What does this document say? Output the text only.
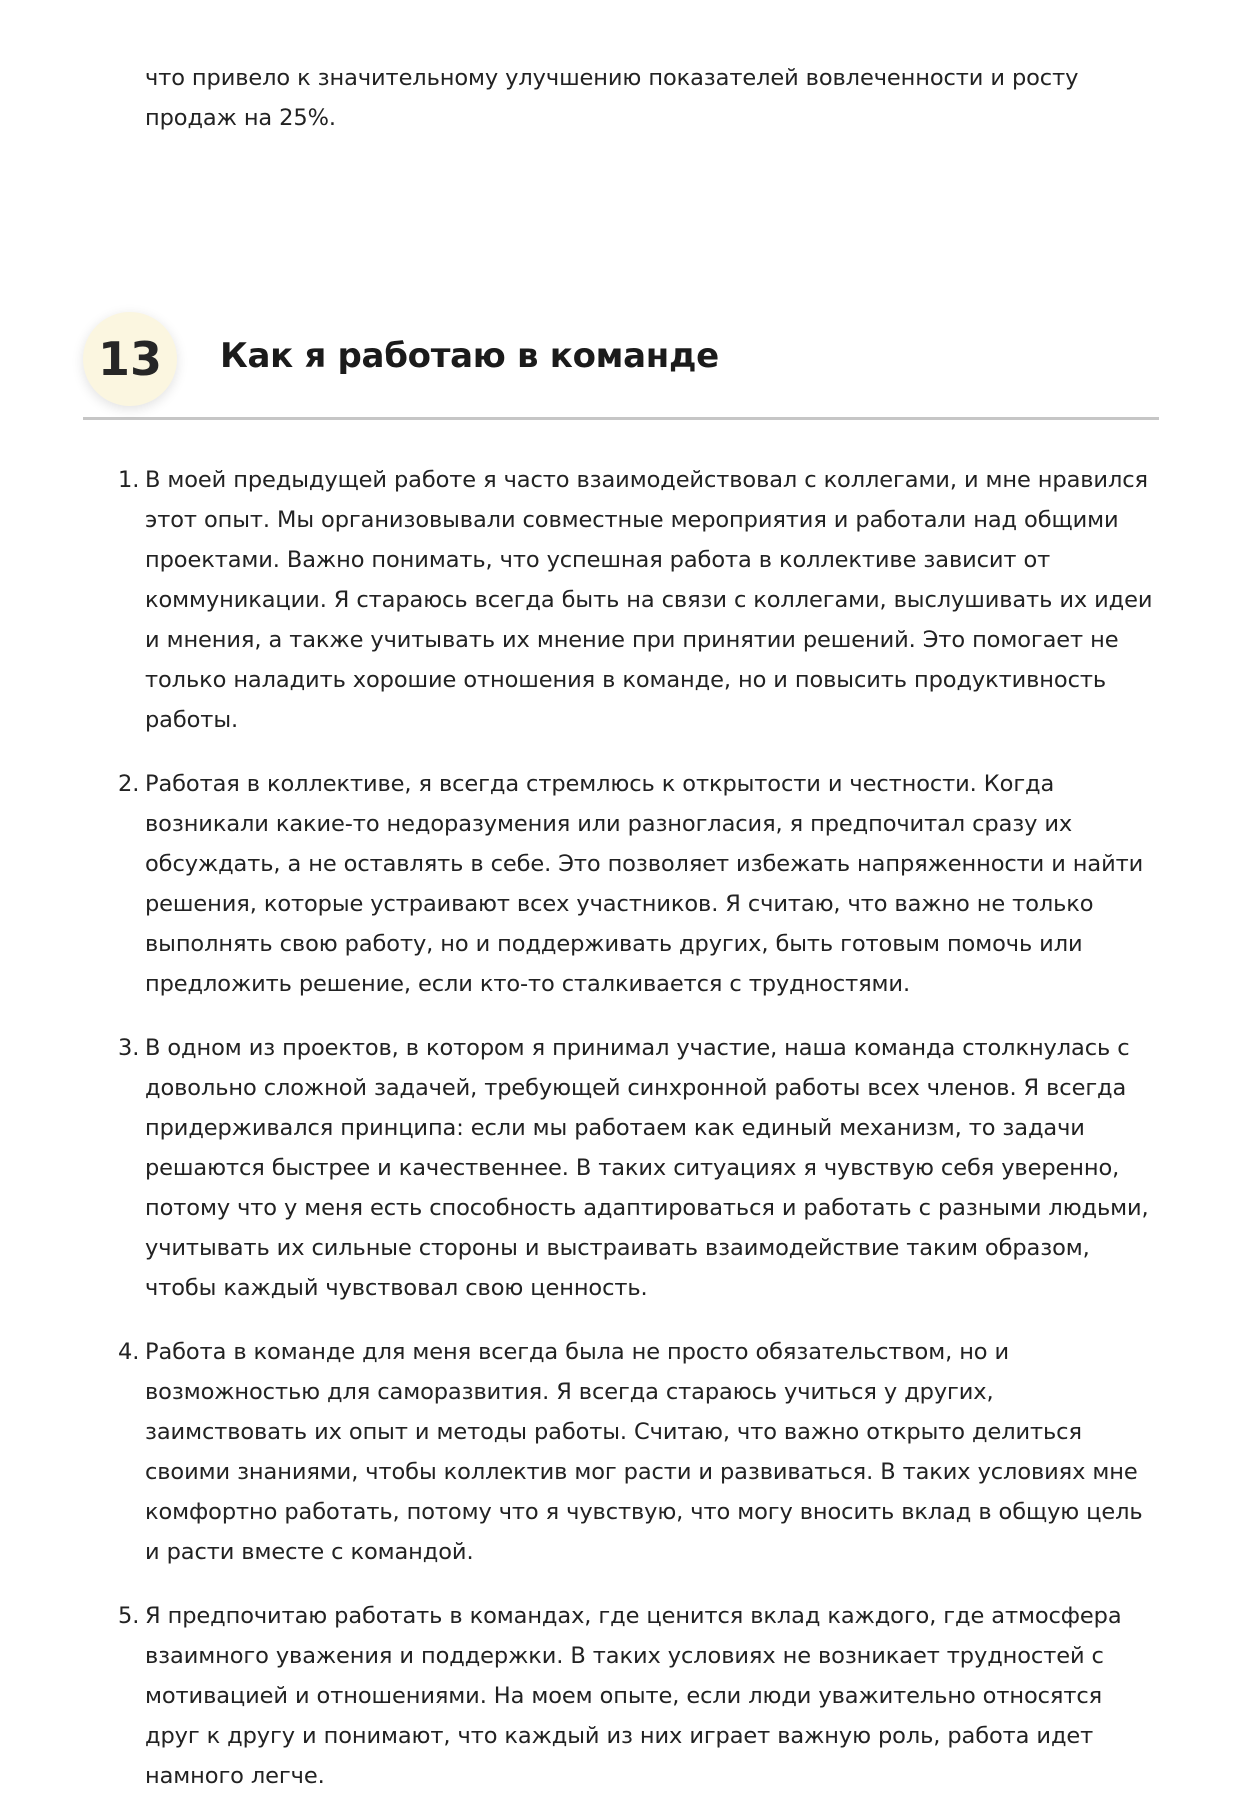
что привело к значительному улучшению показателей вовлеченности и росту продаж на 25%.

13	Как я работаю в команде
1. В моей предыдущей работе я часто взаимодействовал с коллегами, и мне нравился этот опыт. Мы организовывали совместные мероприятия и работали над общими проектами. Важно понимать, что успешная работа в коллективе зависит от коммуникации. Я стараюсь всегда быть на связи с коллегами, выслушивать их идеи и мнения, а также учитывать их мнение при принятии решений. Это помогает не только наладить хорошие отношения в команде, но и повысить продуктивность работы.
2. Работая в коллективе, я всегда стремлюсь к открытости и честности. Когда возникали какие-то недоразумения или разногласия, я предпочитал сразу их обсуждать, а не оставлять в себе. Это позволяет избежать напряженности и найти решения, которые устраивают всех участников. Я считаю, что важно не только выполнять свою работу, но и поддерживать других, быть готовым помочь или предложить решение, если кто-то сталкивается с трудностями.
3. В одном из проектов, в котором я принимал участие, наша команда столкнулась с довольно сложной задачей, требующей синхронной работы всех членов. Я всегда придерживался принципа: если мы работаем как единый механизм, то задачи решаются быстрее и качественнее. В таких ситуациях я чувствую себя уверенно, потому что у меня есть способность адаптироваться и работать с разными людьми, учитывать их сильные стороны и выстраивать взаимодействие таким образом, чтобы каждый чувствовал свою ценность.
4. Работа в команде для меня всегда была не просто обязательством, но и возможностью для саморазвития. Я всегда стараюсь учиться у других, заимствовать их опыт и методы работы. Считаю, что важно открыто делиться своими знаниями, чтобы коллектив мог расти и развиваться. В таких условиях мне комфортно работать, потому что я чувствую, что могу вносить вклад в общую цель и расти вместе с командой.
5. Я предпочитаю работать в командах, где ценится вклад каждого, где атмосфера взаимного уважения и поддержки. В таких условиях не возникает трудностей с мотивацией и отношениями. На моем опыте, если люди уважительно относятся друг к другу и понимают, что каждый из них играет важную роль, работа идет намного легче.
